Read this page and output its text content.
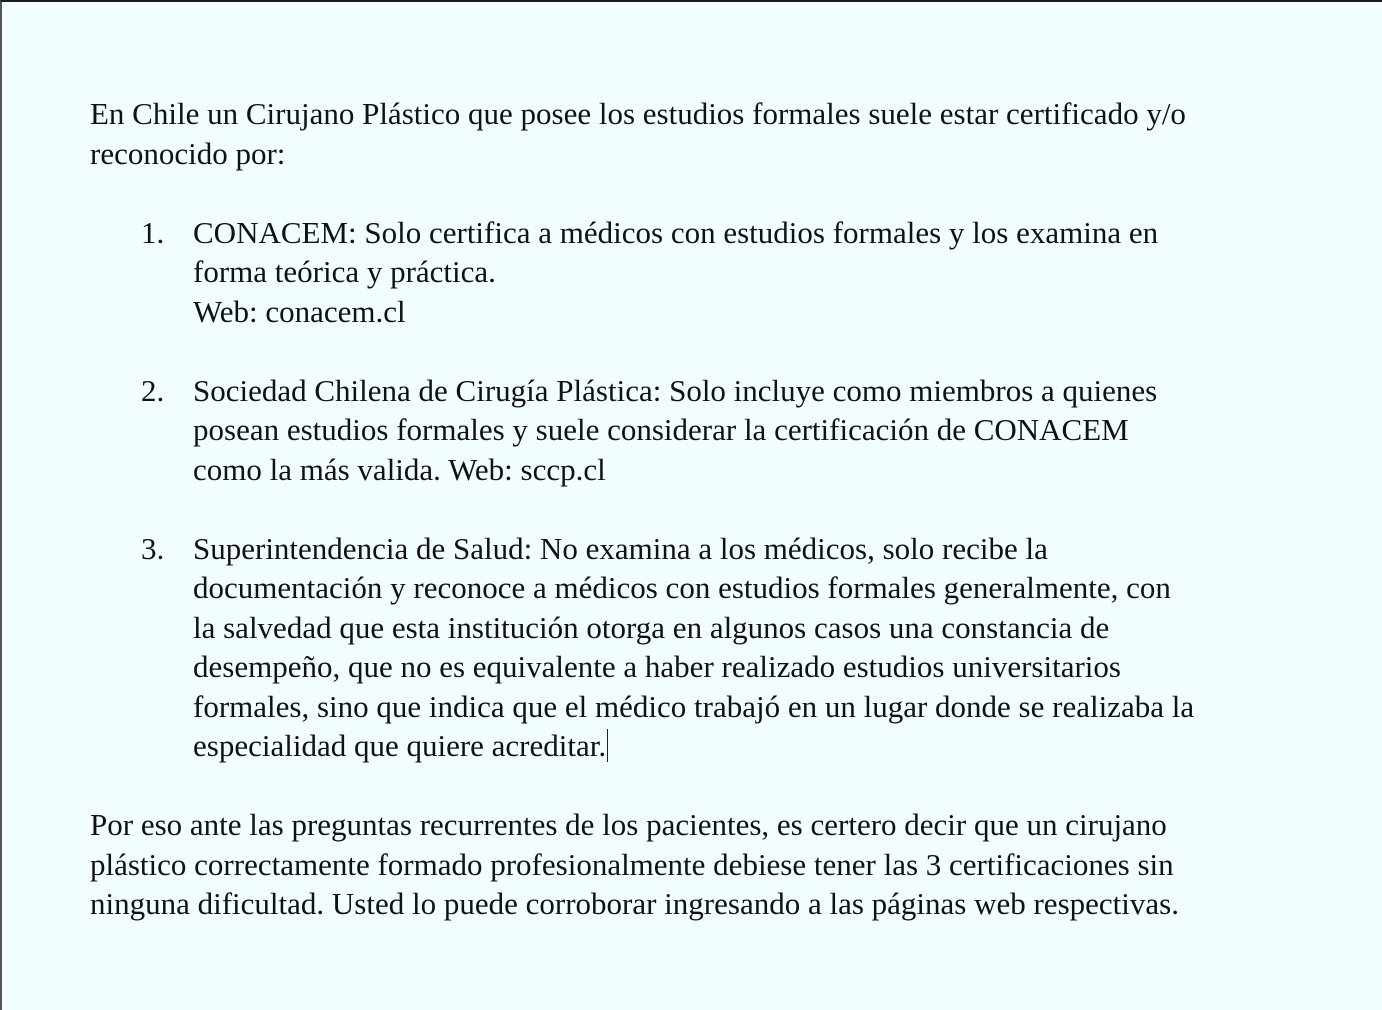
En Chile un Cirujano Plástico que posee los estudios formales suele estar certificado y/o
reconocido por:

1. CONACEM: Solo certifica a médicos con estudios formales y los examina en
forma teórica y práctica.
Web: conacem.cl
2. Sociedad Chilena de Cirugía Plástica: Solo incluye como miembros a quienes
posean estudios formales y suele considerar la certificación de CONACEM
como la más valida. Web: sccp.cl
3. Superintendencia de Salud: No examina a los médicos, solo recibe la
documentación y reconoce a médicos con estudios formales generalmente, con
la salvedad que esta institución otorga en algunos casos una constancia de
desempeño, que no es equivalente a haber realizado estudios universitarios
formales, sino que indica que el médico trabajó en un lugar donde se realizaba la
especialidad que quiere acreditar.

Por eso ante las preguntas recurrentes de los pacientes, es certero decir que un cirujano
plástico correctamente formado profesionalmente debiese tener las 3 certificaciones sin
ninguna dificultad. Usted lo puede corroborar ingresando a las páginas web respectivas.
